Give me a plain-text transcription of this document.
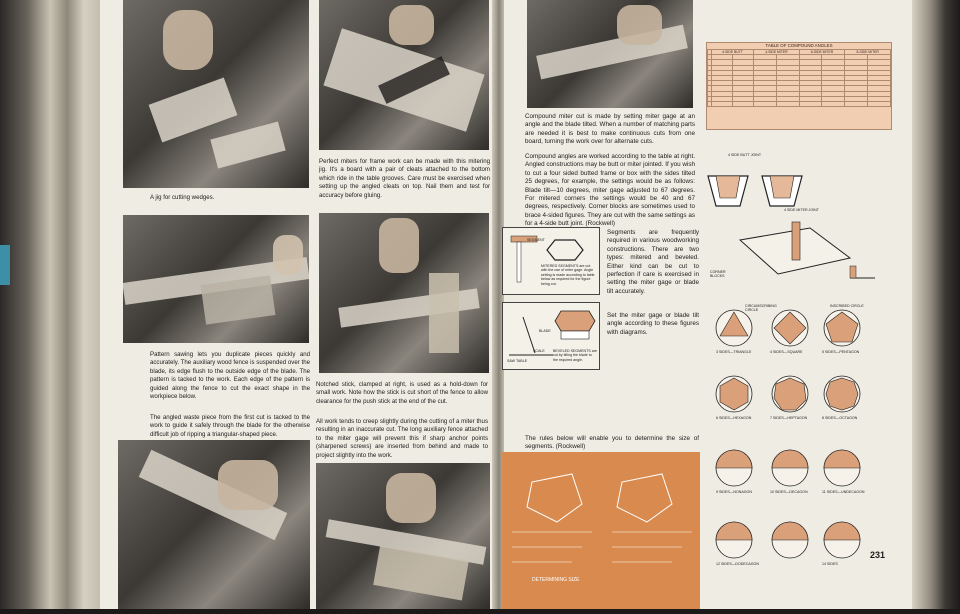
A jig for cutting wedges.
Perfect miters for frame work can be made with this mitering jig. It's a board with a pair of cleats attached to the bottom which ride in the table grooves. Care must be exercised when setting up the angled cleats on top. Nail them and test for accuracy before gluing.
Pattern sawing lets you duplicate pieces quickly and accurately. The auxiliary wood fence is suspended over the blade, its edge flush to the outside edge of the blade. The pattern is tacked to the work. Each edge of the pattern is guided along the fence to cut the exact shape in the workpiece below.
Notched stick, clamped at right, is used as a hold-down for small work. Note how the stick is cut short of the fence to allow clearance for the push stick at the end of the cut.
The angled waste piece from the first cut is tacked to the work to guide it safely through the blade for the otherwise difficult job of ripping a triangular-shaped piece.
All work tends to creep slightly during the cutting of a miter thus resulting in an inaccurate cut. The long auxiliary fence attached to the miter gage will prevent this if sharp anchor points (sharpened screws) are inserted from behind and made to project slightly into the work.
Compound miter cut is made by setting miter gage at an angle and the blade tilted. When a number of matching parts are needed it is best to make continuous cuts from one board, turning the work over for alternate cuts.
TABLE OF COMPOUND ANGLES
	4-SIDE BUTT		4-SIDE MITER		6-SIDE MITER		8-SIDE MITER	

Compound angles are worked according to the table at right. Angled constructions may be butt or miter jointed. If you wish to cut a four sided butted frame or box with the sides tilted 25 degrees, for example, the settings would be as follows: Blade tilt—10 degrees, miter gage adjusted to 67 degrees. For mitered corners the settings would be 40 and 67 degrees, respectively. Corner blocks are sometimes used to brace 4-sided figures. They are cut with the same settings as for a 4-side butt joint. (Rockwell)
4 SIDE BUTT JOINT
4 SIDE MITER JOINT
CORNER BLOCKS
SEGMENT
MITERED SEGMENTS are cut with the use of miter gage. Angle setting is made according to table below as required for the figure being cut.
BLADE
SCALE
SAW TABLE
BEVELED SEGMENTS are cut by tilting the blade to the required angle.
Segments are frequently required in various woodworking constructions. There are two types: mitered and beveled. Either kind can be cut to perfection if care is exercised in setting the miter gage or blade tilt accurately.
Set the miter gage or blade tilt angle according to these figures with diagrams.
The rules below will enable you to determine the size of segments. (Rockwell)
DETERMINING SIZE
CIRCUMSCRIBING CIRCLE
INSCRIBED CIRCLE
3 SIDES—TRIANGLE	4 SIDES—SQUARE	5 SIDES—PENTAGON
6 SIDES—HEXAGON	7 SIDES—HEPTAGON	8 SIDES—OCTAGON
9 SIDES—NONAGON	10 SIDES—DECAGON	11 SIDES—UNDECAGON
12 SIDES—DODECAGON	14 SIDES
231
